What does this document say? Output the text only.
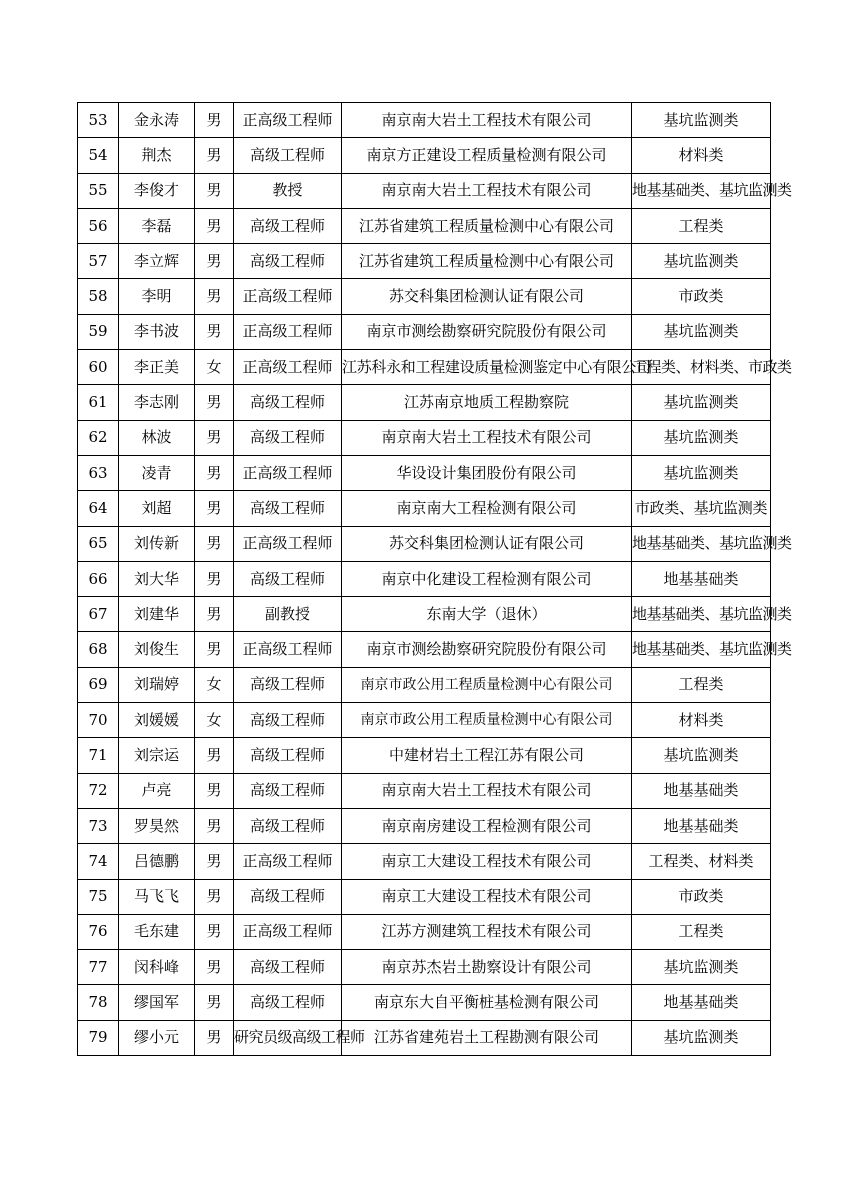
53	金永涛	男	正高级工程师	南京南大岩土工程技术有限公司	基坑监测类
54	荆杰	男	高级工程师	南京方正建设工程质量检测有限公司	材料类
55	李俊才	男	教授	南京南大岩土工程技术有限公司	地基基础类、基坑监测类
56	李磊	男	高级工程师	江苏省建筑工程质量检测中心有限公司	工程类
57	李立辉	男	高级工程师	江苏省建筑工程质量检测中心有限公司	基坑监测类
58	李明	男	正高级工程师	苏交科集团检测认证有限公司	市政类
59	李书波	男	正高级工程师	南京市测绘勘察研究院股份有限公司	基坑监测类
60	李正美	女	正高级工程师	江苏科永和工程建设质量检测鉴定中心有限公司	工程类、材料类、市政类
61	李志刚	男	高级工程师	江苏南京地质工程勘察院	基坑监测类
62	林波	男	高级工程师	南京南大岩土工程技术有限公司	基坑监测类
63	凌青	男	正高级工程师	华设设计集团股份有限公司	基坑监测类
64	刘超	男	高级工程师	南京南大工程检测有限公司	市政类、基坑监测类
65	刘传新	男	正高级工程师	苏交科集团检测认证有限公司	地基基础类、基坑监测类
66	刘大华	男	高级工程师	南京中化建设工程检测有限公司	地基基础类
67	刘建华	男	副教授	东南大学（退休）	地基基础类、基坑监测类
68	刘俊生	男	正高级工程师	南京市测绘勘察研究院股份有限公司	地基基础类、基坑监测类
69	刘瑞婷	女	高级工程师	南京市政公用工程质量检测中心有限公司	工程类
70	刘媛媛	女	高级工程师	南京市政公用工程质量检测中心有限公司	材料类
71	刘宗运	男	高级工程师	中建材岩土工程江苏有限公司	基坑监测类
72	卢亮	男	高级工程师	南京南大岩土工程技术有限公司	地基基础类
73	罗昊然	男	高级工程师	南京南房建设工程检测有限公司	地基基础类
74	吕德鹏	男	正高级工程师	南京工大建设工程技术有限公司	工程类、材料类
75	马飞飞	男	高级工程师	南京工大建设工程技术有限公司	市政类
76	毛东建	男	正高级工程师	江苏方测建筑工程技术有限公司	工程类
77	闵科峰	男	高级工程师	南京苏杰岩土勘察设计有限公司	基坑监测类
78	缪国军	男	高级工程师	南京东大自平衡桩基检测有限公司	地基基础类
79	缪小元	男	研究员级高级工程师	江苏省建苑岩土工程勘测有限公司	基坑监测类
